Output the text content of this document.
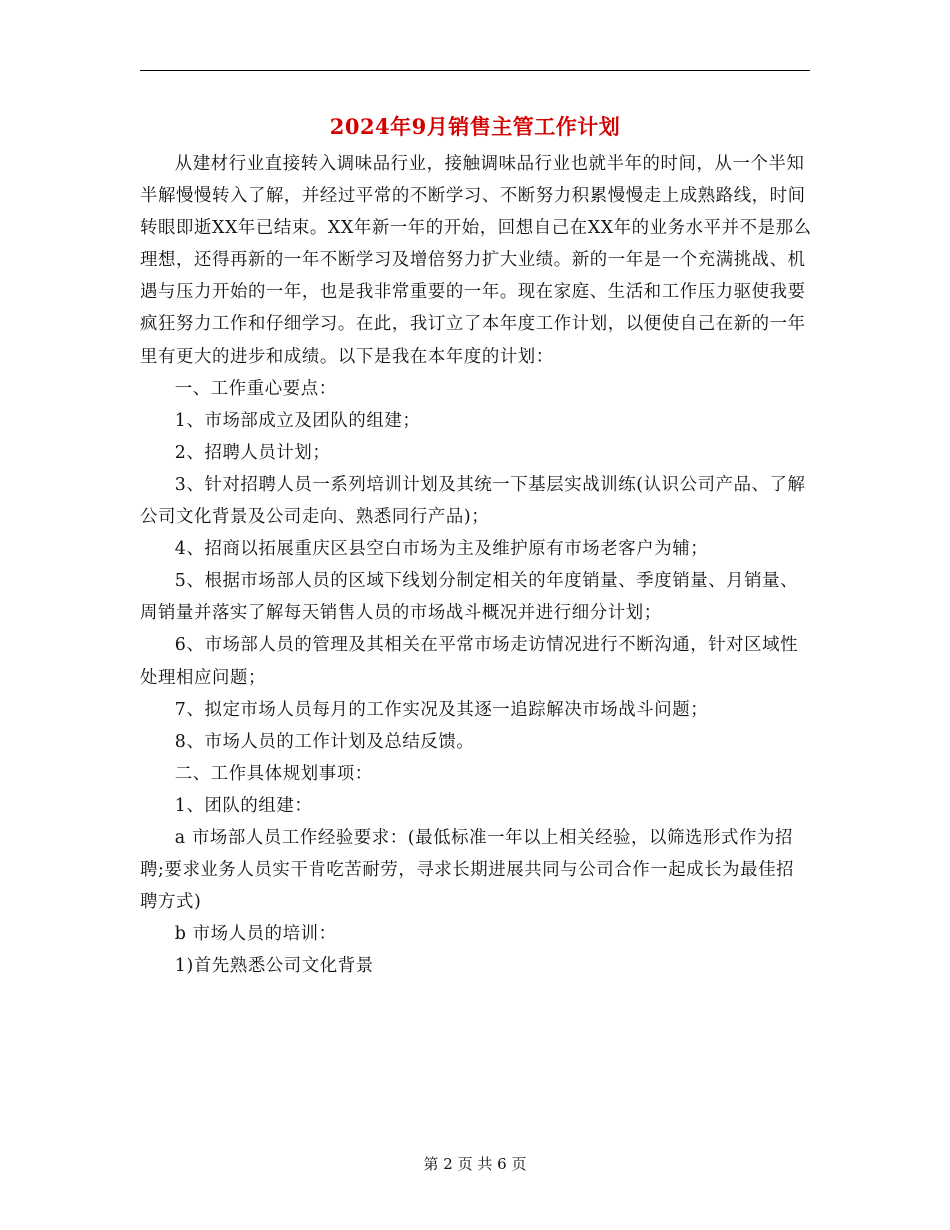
2024年9月销售主管工作计划

从建材行业直接转入调味品行业，接触调味品行业也就半年的时间，从一个半知半解慢慢转入了解，并经过平常的不断学习、不断努力积累慢慢走上成熟路线，时间转眼即逝XX年已结束。XX年新一年的开始，回想自己在XX年的业务水平并不是那么理想，还得再新的一年不断学习及增倍努力扩大业绩。新的一年是一个充满挑战、机遇与压力开始的一年，也是我非常重要的一年。现在家庭、生活和工作压力驱使我要疯狂努力工作和仔细学习。在此，我订立了本年度工作计划，以便使自己在新的一年里有更大的进步和成绩。以下是我在本年度的计划：

一、工作重心要点：

1、市场部成立及团队的组建；

2、招聘人员计划；

3、针对招聘人员一系列培训计划及其统一下基层实战训练(认识公司产品、了解公司文化背景及公司走向、熟悉同行产品)；

4、招商以拓展重庆区县空白市场为主及维护原有市场老客户为辅；

5、根据市场部人员的区域下线划分制定相关的年度销量、季度销量、月销量、周销量并落实了解每天销售人员的市场战斗概况并进行细分计划；

6、市场部人员的管理及其相关在平常市场走访情况进行不断沟通，针对区域性处理相应问题；

7、拟定市场人员每月的工作实况及其逐一追踪解决市场战斗问题；

8、市场人员的工作计划及总结反馈。

二、工作具体规划事项：

1、团队的组建：

a 市场部人员工作经验要求：(最低标准一年以上相关经验，以筛选形式作为招聘;要求业务人员实干肯吃苦耐劳，寻求长期进展共同与公司合作一起成长为最佳招聘方式)

b 市场人员的培训：

1)首先熟悉公司文化背景

第 2 页 共 6 页
